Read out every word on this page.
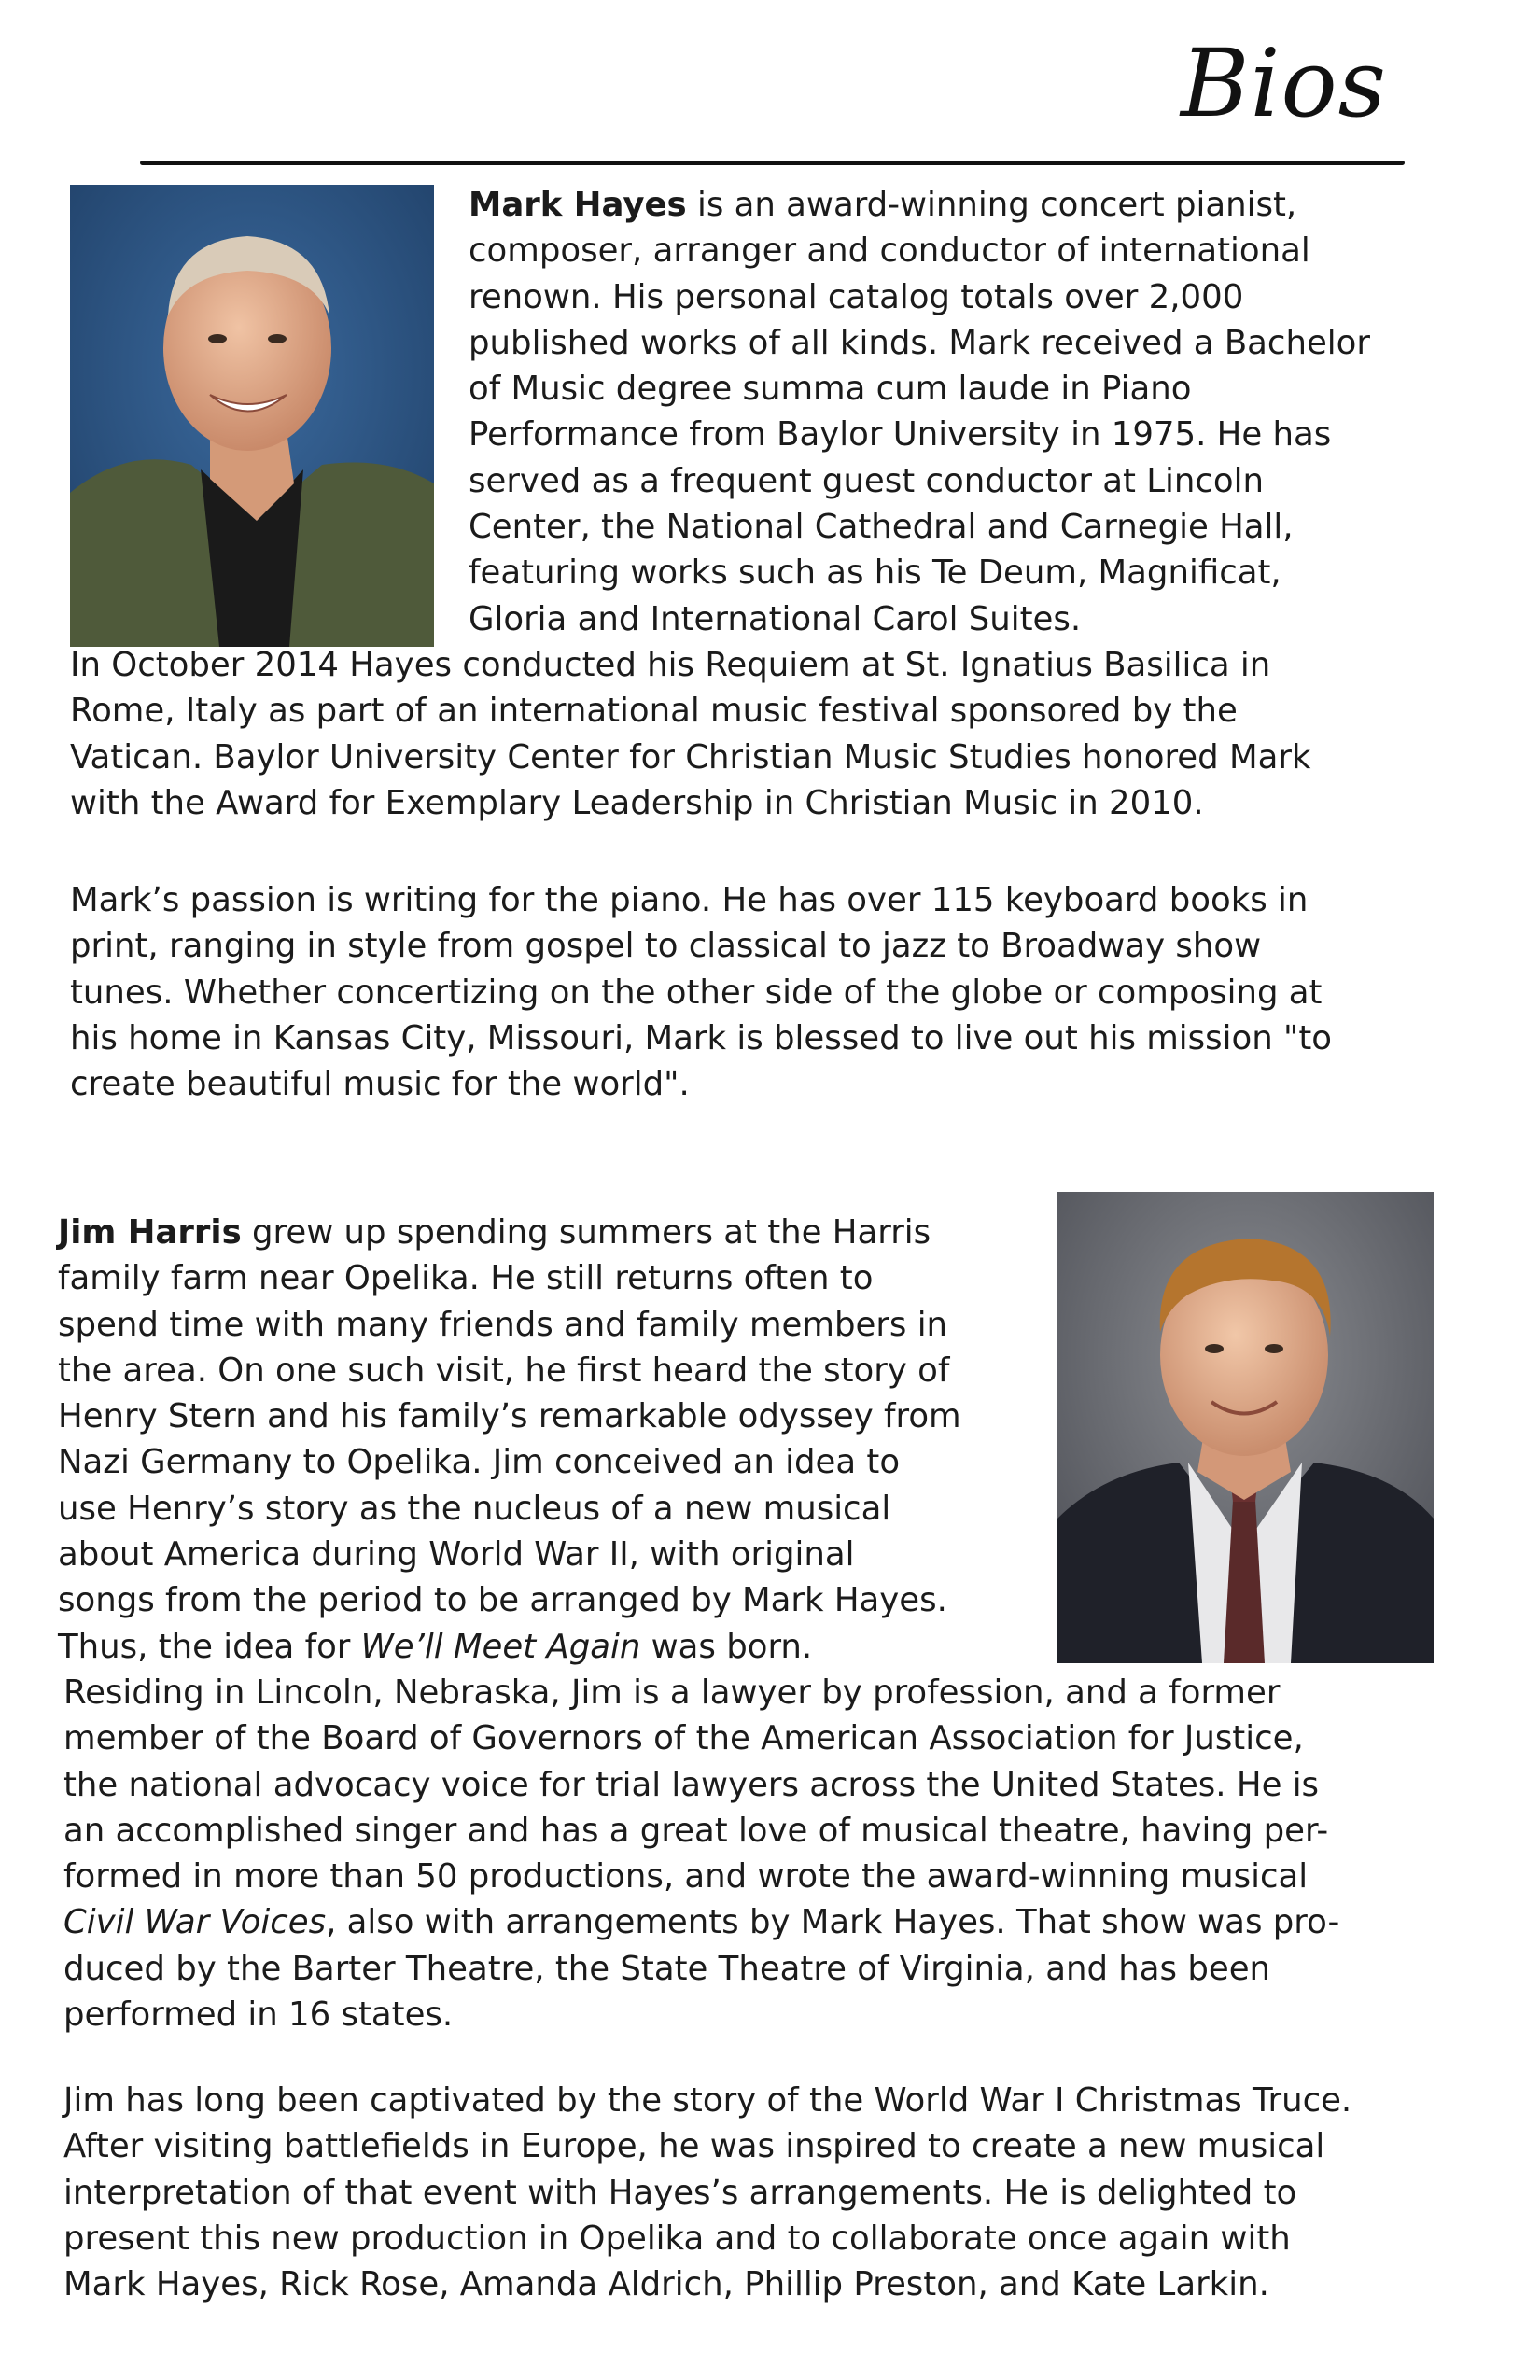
Bios

Mark Hayes is an award-winning concert pianist,
composer, arranger and conductor of international
renown. His personal catalog totals over 2,000
published works of all kinds. Mark received a Bachelor
of Music degree summa cum laude in Piano
Performance from Baylor University in 1975. He has
served as a frequent guest conductor at Lincoln
Center, the National Cathedral and Carnegie Hall,
featuring works such as his Te Deum, Magnificat,
Gloria and International Carol Suites.

In October 2014 Hayes conducted his Requiem at St. Ignatius Basilica in
Rome, Italy as part of an international music festival sponsored by the
Vatican. Baylor University Center for Christian Music Studies honored Mark
with the Award for Exemplary Leadership in Christian Music in 2010.

Mark’s passion is writing for the piano. He has over 115 keyboard books in
print, ranging in style from gospel to classical to jazz to Broadway show
tunes. Whether concertizing on the other side of the globe or composing at
his home in Kansas City, Missouri, Mark is blessed to live out his mission "to
create beautiful music for the world".

Jim Harris grew up spending summers at the Harris
family farm near Opelika. He still returns often to
spend time with many friends and family members in
the area. On one such visit, he first heard the story of
Henry Stern and his family’s remarkable odyssey from
Nazi Germany to Opelika. Jim conceived an idea to
use Henry’s story as the nucleus of a new musical
about America during World War II, with original
songs from the period to be arranged by Mark Hayes.
Thus, the idea for We’ll Meet Again was born.

Residing in Lincoln, Nebraska, Jim is a lawyer by profession, and a former
member of the Board of Governors of the American Association for Justice,
the national advocacy voice for trial lawyers across the United States. He is
an accomplished singer and has a great love of musical theatre, having per-
formed in more than 50 productions, and wrote the award-winning musical
Civil War Voices, also with arrangements by Mark Hayes. That show was pro-
duced by the Barter Theatre, the State Theatre of Virginia, and has been
performed in 16 states.

Jim has long been captivated by the story of the World War I Christmas Truce.
After visiting battlefields in Europe, he was inspired to create a new musical
interpretation of that event with Hayes’s arrangements. He is delighted to
present this new production in Opelika and to collaborate once again with
Mark Hayes, Rick Rose, Amanda Aldrich, Phillip Preston, and Kate Larkin.
